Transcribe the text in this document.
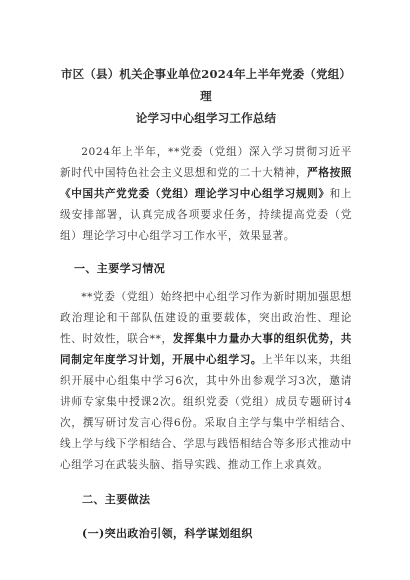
市区（县）机关企事业单位2024年上半年党委（党组）理
论学习中心组学习工作总结

2024年上半年，**党委（党组）深入学习贯彻习近平新时代中国特色社会主义思想和党的二十大精神，严格按照《中国共产党党委（党组）理论学习中心组学习规则》和上级安排部署，认真完成各项要求任务，持续提高党委（党组）理论学习中心组学习工作水平，效果显著。

一、主要学习情况

**党委（党组）始终把中心组学习作为新时期加强思想政治理论和干部队伍建设的重要载体，突出政治性、理论性、时效性，联合**，发挥集中力量办大事的组织优势，共同制定年度学习计划，开展中心组学习。上半年以来，共组织开展中心组集中学习6次，其中外出参观学习3次，邀请讲师专家集中授课2次。组织党委（党组）成员专题研讨4次，撰写研讨发言心得6份。采取自主学与集中学相结合、线上学与线下学相结合、学思与践悟相结合等多形式推动中心组学习在武装头脑、指导实践、推动工作上求真效。

二、主要做法
(一)突出政治引领，科学谋划组织
